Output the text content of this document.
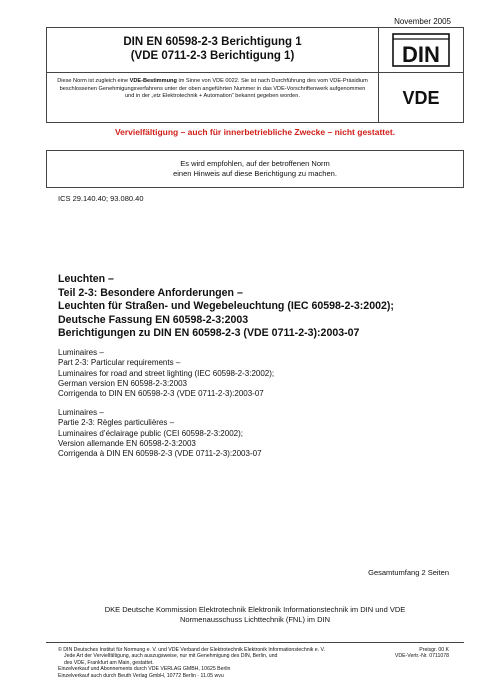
November 2005
DIN EN 60598-2-3 Berichtigung 1
(VDE 0711-2-3 Berichtigung 1)	DIN
Diese Norm ist zugleich eine VDE-Bestimmung im Sinne von VDE 0022. Sie ist nach Durchführung des vom VDE-Präsidium beschlossenen Genehmigungsverfahrens unter der oben angeführten Nummer in das VDE-Vorschriftenwerk aufgenommen und in der „etz Elektrotechnik + Automation“ bekannt gegeben worden.	VDE
Vervielfältigung – auch für innerbetriebliche Zwecke – nicht gestattet.
Es wird empfohlen, auf der betroffenen Norm
einen Hinweis auf diese Berichtigung zu machen.
ICS 29.140.40; 93.080.40
Leuchten –
Teil 2-3: Besondere Anforderungen –
Leuchten für Straßen- und Wegebeleuchtung (IEC 60598-2-3:2002);
Deutsche Fassung EN 60598-2-3:2003
Berichtigungen zu DIN EN 60598-2-3 (VDE 0711-2-3):2003-07
Luminaires –
Part 2-3: Particular requirements –
Luminaires for road and street lighting (IEC 60598-2-3:2002);
German version EN 60598-2-3:2003
Corrigenda to DIN EN 60598-2-3 (VDE 0711-2-3):2003-07
Luminaires –
Partie 2-3: Règles particulières –
Luminaires d’éclairage public (CEI 60598-2-3:2002);
Version allemande EN 60598-2-3:2003
Corrigenda à DIN EN 60598-2-3 (VDE 0711-2-3):2003-07
Gesamtumfang 2 Seiten
DKE Deutsche Kommission Elektrotechnik Elektronik Informationstechnik im DIN und VDE
Normenausschuss Lichttechnik (FNL) im DIN
© DIN Deutsches Institut für Normung e. V. und VDE Verband der Elektrotechnik Elektronik Informationstechnik e. V.
Jede Art der Vervielfältigung, auch auszugsweise, nur mit Genehmigung des DIN, Berlin, und
des VDE, Frankfurt am Main, gestattet.
Einzelverkauf und Abonnements durch VDE VERLAG GMBH, 10625 Berlin
Einzelverkauf auch durch Beuth Verlag GmbH, 10772 Berlin · 11.05 wvu
Preisgr. 00 K
VDE-Vertr.-Nr. 0711078
